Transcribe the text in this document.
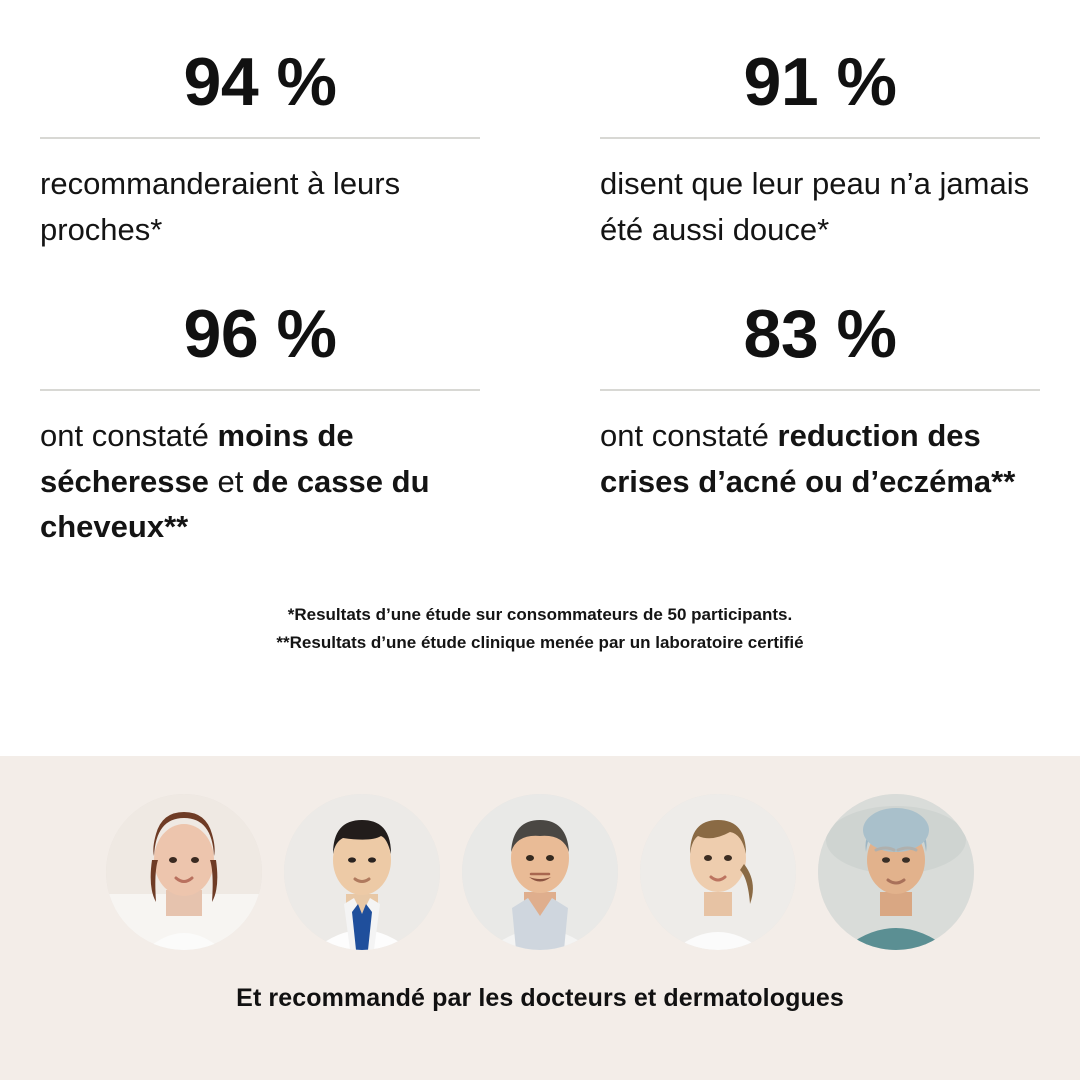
94 %
recommanderaient à leurs proches*
91 %
disent que leur peau n’a jamais été aussi douce*
96 %
ont constaté moins de sécheresse et de casse du cheveux**
83 %
ont constaté reduction des crises d’acné ou d’eczéma**
*Resultats d’une étude sur consommateurs de 50 participants.
**Resultats d’une étude clinique menée par un laboratoire certifié
Et recommandé par les docteurs et dermatologues
